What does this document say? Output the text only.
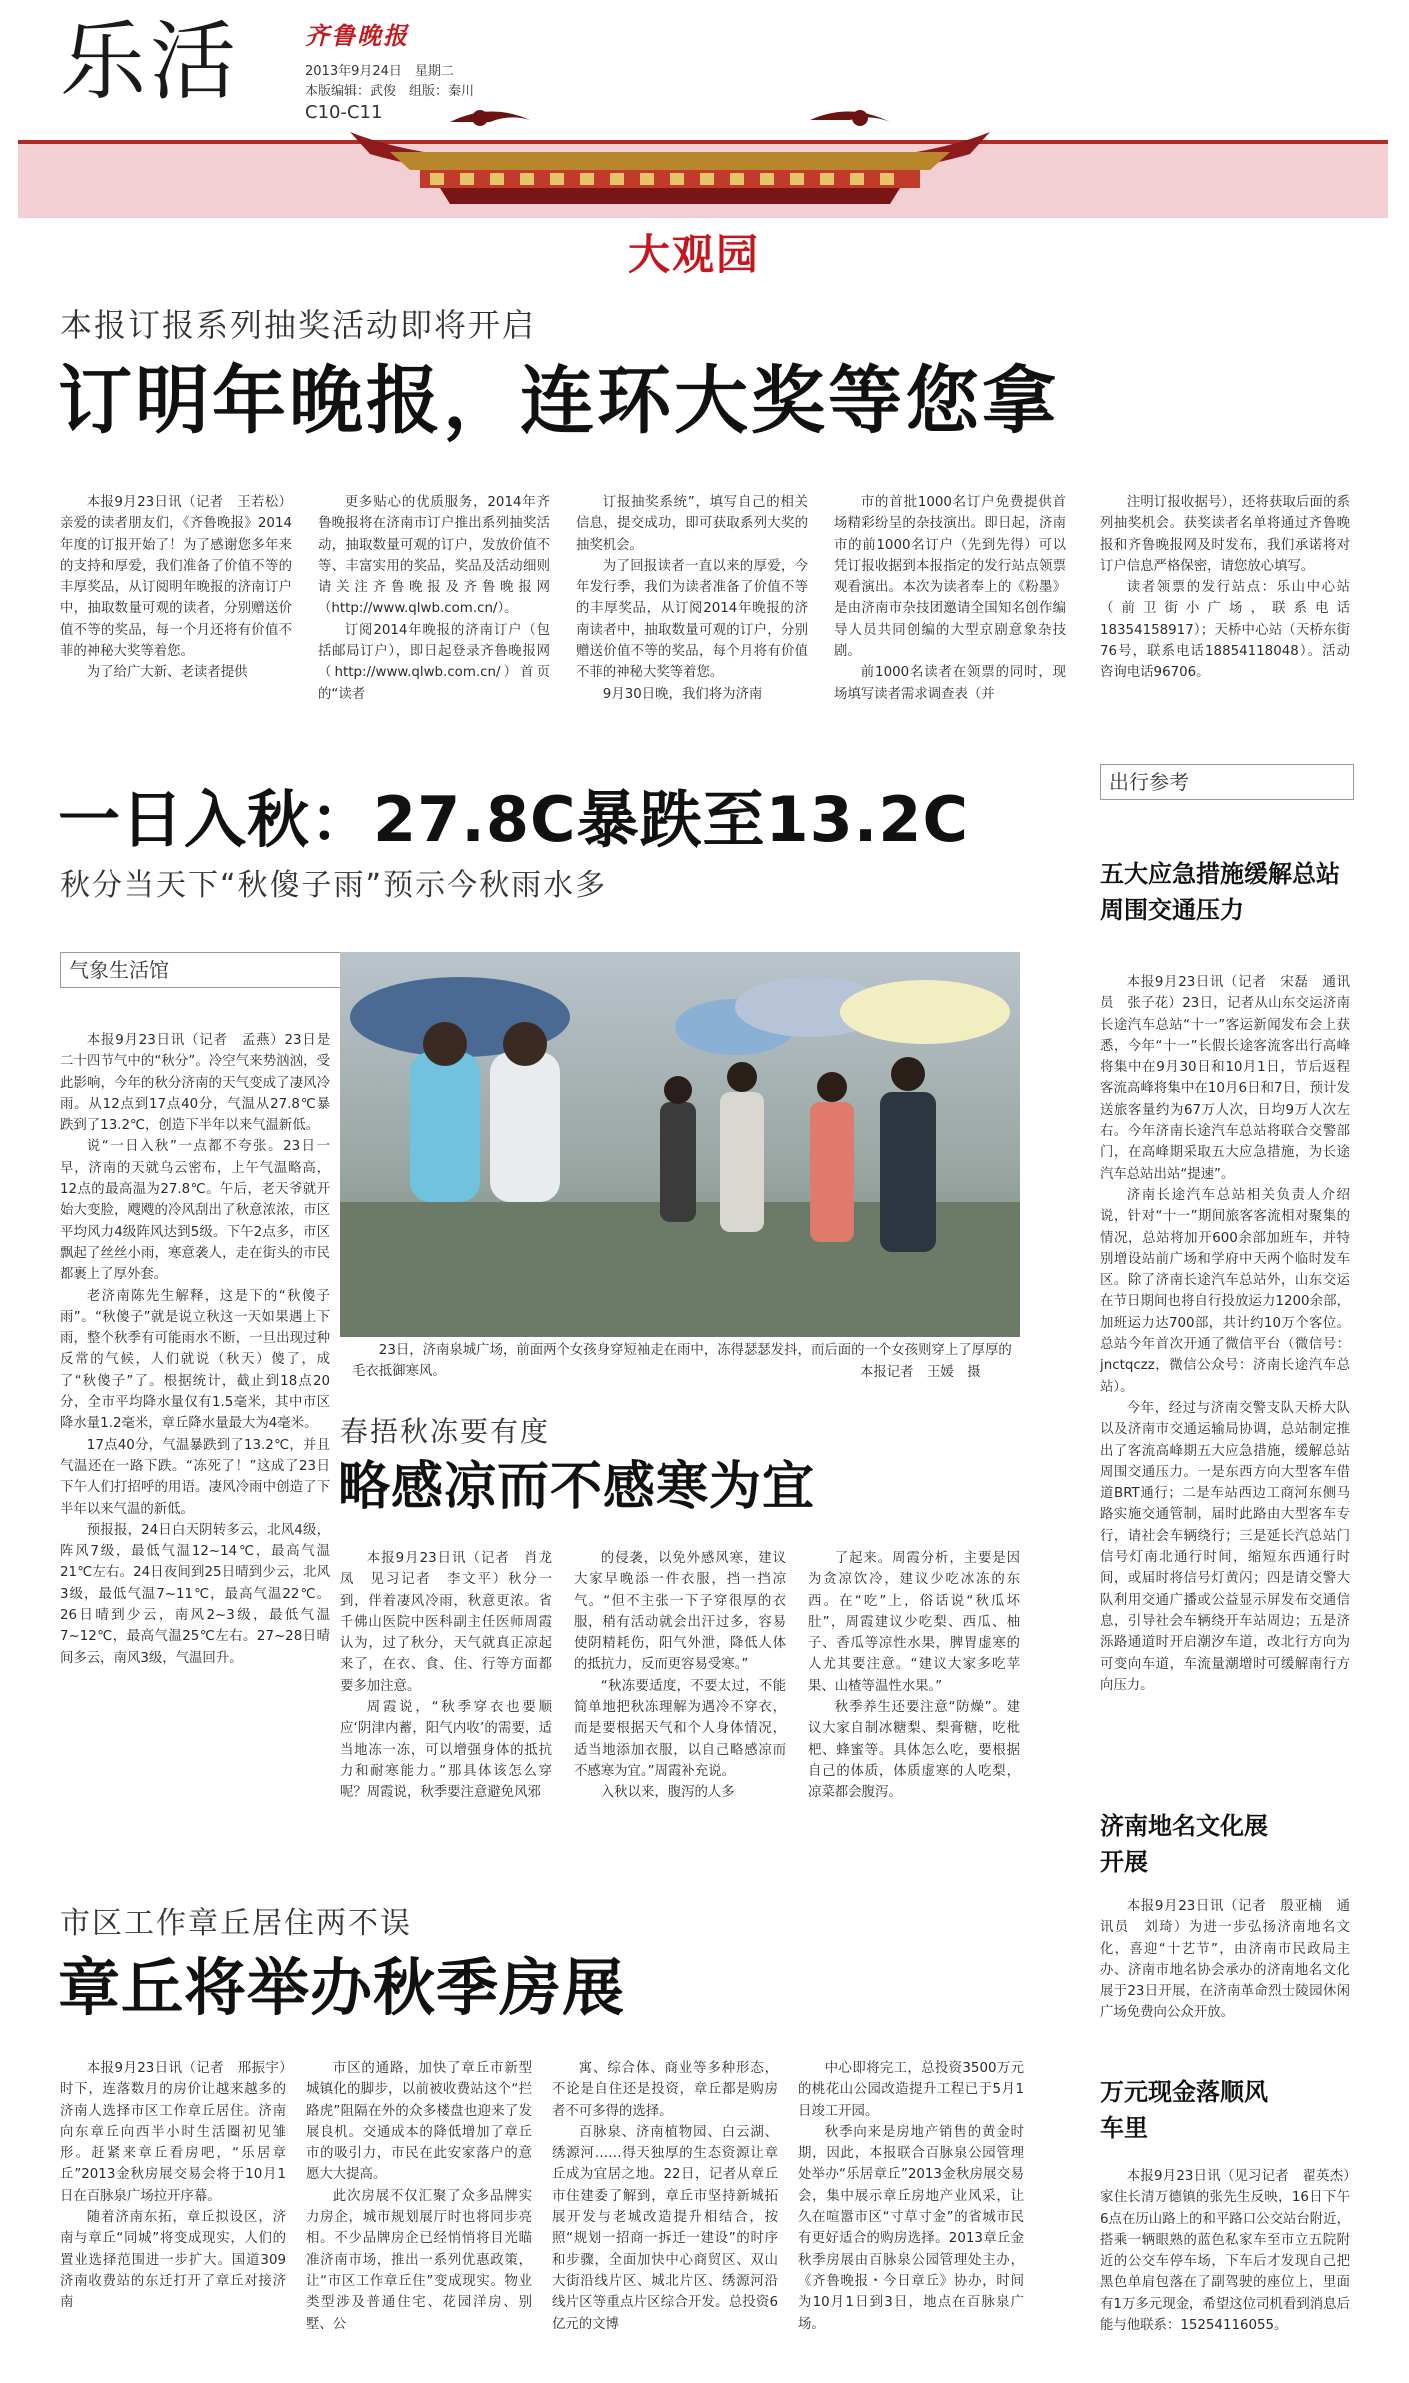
乐活	齐鲁晚报
2013年9月24日　星期二
本版编辑：武俊　组版：秦川
C10-C11
大观园
本报订报系列抽奖活动即将开启
订明年晚报，连环大奖等您拿

本报9月23日讯（记者　王若松）亲爱的读者朋友们，《齐鲁晚报》2014年度的订报开始了！为了感谢您多年来的支持和厚爱，我们准备了价值不等的丰厚奖品，从订阅明年晚报的济南订户中，抽取数量可观的读者，分别赠送价值不等的奖品，每一个月还将有价值不菲的神秘大奖等着您。

为了给广大新、老读者提供

更多贴心的优质服务，2014年齐鲁晚报将在济南市订户推出系列抽奖活动，抽取数量可观的订户，发放价值不等、丰富实用的奖品，奖品及活动细则请关注齐鲁晚报及齐鲁晚报网（http://www.qlwb.com.cn/）。

订阅2014年晚报的济南订户（包括邮局订户），即日起登录齐鲁晚报网（http://www.qlwb.com.cn/）首页的“读者

订报抽奖系统”，填写自己的相关信息，提交成功，即可获取系列大奖的抽奖机会。

为了回报读者一直以来的厚爱，今年发行季，我们为读者准备了价值不等的丰厚奖品，从订阅2014年晚报的济南读者中，抽取数量可观的订户，分别赠送价值不等的奖品，每个月将有价值不菲的神秘大奖等着您。

9月30日晚，我们将为济南

市的首批1000名订户免费提供首场精彩纷呈的杂技演出。即日起，济南市的前1000名订户（先到先得）可以凭订报收据到本报指定的发行站点领票观看演出。本次为读者奉上的《粉墨》是由济南市杂技团邀请全国知名创作编导人员共同创编的大型京剧意象杂技剧。

前1000名读者在领票的同时，现场填写读者需求调查表（并

注明订报收据号），还将获取后面的系列抽奖机会。获奖读者名单将通过齐鲁晚报和齐鲁晚报网及时发布，我们承诺将对订户信息严格保密，请您放心填写。

读者领票的发行站点：乐山中心站（前卫街小广场，联系电话18354158917）；天桥中心站（天桥东街76号，联系电话18854118048）。活动咨询电话96706。

一日入秋：27.8C暴跌至13.2C
秋分当天下“秋傻子雨”预示今秋雨水多
气象生活馆

本报9月23日讯（记者　孟燕）23日是二十四节气中的“秋分”。冷空气来势汹汹，受此影响，今年的秋分济南的天气变成了凄风冷雨。从12点到17点40分，气温从27.8℃暴跌到了13.2℃，创造下半年以来气温新低。

说“一日入秋”一点都不夸张。23日一早，济南的天就乌云密布，上午气温略高，12点的最高温为27.8℃。午后，老天爷就开始大变脸，飕飕的冷风刮出了秋意浓浓，市区平均风力4级阵风达到5级。下午2点多，市区飘起了丝丝小雨，寒意袭人，走在街头的市民都裹上了厚外套。

老济南陈先生解释，这是下的“秋傻子雨”。“秋傻子”就是说立秋这一天如果遇上下雨，整个秋季有可能雨水不断，一旦出现过种反常的气候，人们就说（秋天）傻了，成了“秋傻子”了。根据统计，截止到18点20分，全市平均降水量仅有1.5毫米，其中市区降水量1.2毫米，章丘降水量最大为4毫米。

17点40分，气温暴跌到了13.2℃，并且气温还在一路下跌。“冻死了！”这成了23日下午人们打招呼的用语。凄风冷雨中创造了下半年以来气温的新低。

预报报，24日白天阴转多云，北风4级，阵风7级，最低气温12~14℃，最高气温21℃左右。24日夜间到25日晴到少云，北风3级，最低气温7~11℃，最高气温22℃。26日晴到少云，南风2~3级，最低气温7~12℃，最高气温25℃左右。27~28日晴间多云，南风3级，气温回升。

23日，济南泉城广场，前面两个女孩身穿短袖走在雨中，冻得瑟瑟发抖，而后面的一个女孩则穿上了厚厚的毛衣抵御寒风。	本报记者　王媛　摄
春捂秋冻要有度
略感凉而不感寒为宜

本报9月23日讯（记者　肖龙凤　见习记者　李文平）秋分一到，伴着凄风冷雨，秋意更浓。省千佛山医院中医科副主任医师周霞认为，过了秋分，天气就真正凉起来了，在衣、食、住、行等方面都要多加注意。

周霞说，“秋季穿衣也要顺应‘阴津内蓄，阳气内收’的需要，适当地冻一冻，可以增强身体的抵抗力和耐寒能力。”那具体该怎么穿呢？周霞说，秋季要注意避免风邪

的侵袭，以免外感风寒，建议大家早晚添一件衣服，挡一挡凉气。“但不主张一下子穿很厚的衣服，稍有活动就会出汗过多，容易使阴精耗伤，阳气外泄，降低人体的抵抗力，反而更容易受寒。”

“秋冻要适度，不要太过，不能简单地把秋冻理解为遇冷不穿衣，而是要根据天气和个人身体情况，适当地添加衣服，以自己略感凉而不感寒为宜。”周霞补充说。

入秋以来，腹泻的人多

了起来。周霞分析，主要是因为贪凉饮冷，建议少吃冰冻的东西。在“吃”上，俗话说“秋瓜坏肚”，周霞建议少吃梨、西瓜、柚子、香瓜等凉性水果，脾胃虚寒的人尤其要注意。“建议大家多吃苹果、山楂等温性水果。”

秋季养生还要注意“防燥”。建议大家自制冰糖梨、梨膏糖，吃枇杷、蜂蜜等。具体怎么吃，要根据自己的体质，体质虚寒的人吃梨，凉菜都会腹泻。

出行参考
五大应急措施缓解总站周围交通压力

本报9月23日讯（记者　宋磊　通讯员　张子花）23日，记者从山东交运济南长途汽车总站“十一”客运新闻发布会上获悉，今年“十一”长假长途客流客出行高峰将集中在9月30日和10月1日，节后返程客流高峰将集中在10月6日和7日，预计发送旅客量约为67万人次，日均9万人次左右。今年济南长途汽车总站将联合交警部门，在高峰期采取五大应急措施，为长途汽车总站出站“提速”。

济南长途汽车总站相关负责人介绍说，针对“十一”期间旅客客流相对聚集的情况，总站将加开600余部加班车，并特别增设站前广场和学府中天两个临时发车区。除了济南长途汽车总站外，山东交运在节日期间也将自行投放运力1200余部，加班运力达700部，共计约10万个客位。总站今年首次开通了微信平台（微信号：jnctqczz，微信公众号：济南长途汽车总站）。

今年，经过与济南交警支队天桥大队以及济南市交通运输局协调，总站制定推出了客流高峰期五大应急措施，缓解总站周围交通压力。一是东西方向大型客车借道BRT通行；二是车站西边工商河东侧马路实施交通管制，届时此路由大型客车专行，请社会车辆绕行；三是延长汽总站门信号灯南北通行时间，缩短东西通行时间，或届时将信号灯黄闪；四是请交警大队利用交通广播或公益显示屏发布交通信息，引导社会车辆绕开车站周边；五是济泺路通道时开启潮汐车道，改北行方向为可变向车道，车流量潮增时可缓解南行方向压力。

济南地名文化展开展

本报9月23日讯（记者　殷亚楠　通讯员　刘琦）为进一步弘扬济南地名文化，喜迎“十艺节”，由济南市民政局主办、济南市地名协会承办的济南地名文化展于23日开展，在济南革命烈士陵园休闲广场免费向公众开放。

万元现金落顺风车里

本报9月23日讯（见习记者　翟英杰）家住长清万德镇的张先生反映，16日下午6点在历山路上的和平路口公交站台附近，搭乘一辆眼熟的蓝色私家车至市立五院附近的公交车停车场，下车后才发现自己把黑色单肩包落在了副驾驶的座位上，里面有1万多元现金，希望这位司机看到消息后能与他联系：15254116055。

市区工作章丘居住两不误
章丘将举办秋季房展

本报9月23日讯（记者　邢振宇）时下，连落数月的房价让越来越多的济南人选择市区工作章丘居住。济南向东章丘向西半小时生活圈初见雏形。赶紧来章丘看房吧，“乐居章丘”2013金秋房展交易会将于10月1日在百脉泉广场拉开序幕。

随着济南东拓，章丘拟设区，济南与章丘“同城”将变成现实，人们的置业选择范围进一步扩大。国道309济南收费站的东迁打开了章丘对接济南

市区的通路，加快了章丘市新型城镇化的脚步，以前被收费站这个“拦路虎”阻隔在外的众多楼盘也迎来了发展良机。交通成本的降低增加了章丘市的吸引力，市民在此安家落户的意愿大大提高。

此次房展不仅汇聚了众多品牌实力房企，城市规划展厅时也将同步亮相。不少品牌房企已经悄悄将目光瞄准济南市场，推出一系列优惠政策，让“市区工作章丘住”变成现实。物业类型涉及普通住宅、花园洋房、别墅、公

寓、综合体、商业等多种形态，不论是自住还是投资，章丘都是购房者不可多得的选择。

百脉泉、济南植物园、白云湖、绣源河……得天独厚的生态资源让章丘成为宜居之地。22日，记者从章丘市住建委了解到，章丘市坚持新城拓展开发与老城改造提升相结合，按照“规划一招商一拆迁一建设”的时序和步骤，全面加快中心商贸区、双山大街沿线片区、城北片区、绣源河沿线片区等重点片区综合开发。总投资6亿元的文博

中心即将完工，总投资3500万元的桃花山公园改造提升工程已于5月1日竣工开园。

秋季向来是房地产销售的黄金时期，因此，本报联合百脉泉公园管理处举办“乐居章丘”2013金秋房展交易会，集中展示章丘房地产业风采，让久在喧嚣市区“寸草寸金”的省城市民有更好适合的购房选择。2013章丘金秋季房展由百脉泉公园管理处主办，《齐鲁晚报・今日章丘》协办，时间为10月1日到3日，地点在百脉泉广场。
